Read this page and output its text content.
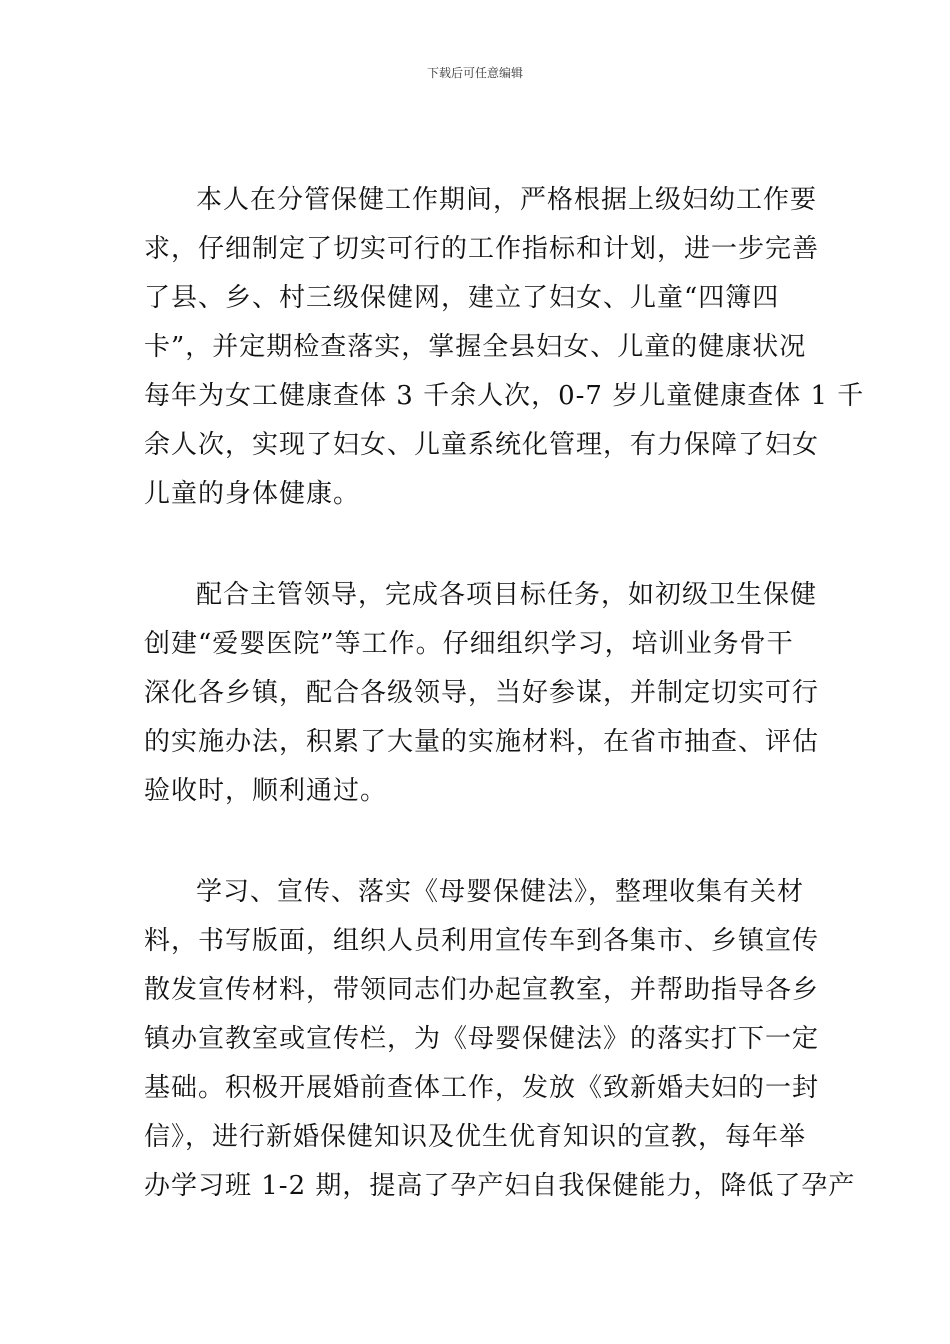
下载后可任意编辑

本人在分管保健工作期间，严格根据上级妇幼工作要
求，仔细制定了切实可行的工作指标和计划，进一步完善
了县、乡、村三级保健网，建立了妇女、儿童“四簿四
卡”，并定期检查落实，掌握全县妇女、儿童的健康状况
每年为女工健康查体 3 千余人次，0-7 岁儿童健康查体 1 千
余人次，实现了妇女、儿童系统化管理，有力保障了妇女
儿童的身体健康。

配合主管领导，完成各项目标任务，如初级卫生保健
创建“爱婴医院”等工作。仔细组织学习，培训业务骨干
深化各乡镇，配合各级领导，当好参谋，并制定切实可行
的实施办法，积累了大量的实施材料，在省市抽查、评估
验收时，顺利通过。

学习、宣传、落实《母婴保健法》，整理收集有关材
料，书写版面，组织人员利用宣传车到各集市、乡镇宣传
散发宣传材料，带领同志们办起宣教室，并帮助指导各乡
镇办宣教室或宣传栏，为《母婴保健法》的落实打下一定
基础。积极开展婚前查体工作，发放《致新婚夫妇的一封
信》，进行新婚保健知识及优生优育知识的宣教，每年举
办学习班 1-2 期，提高了孕产妇自我保健能力，降低了孕产
